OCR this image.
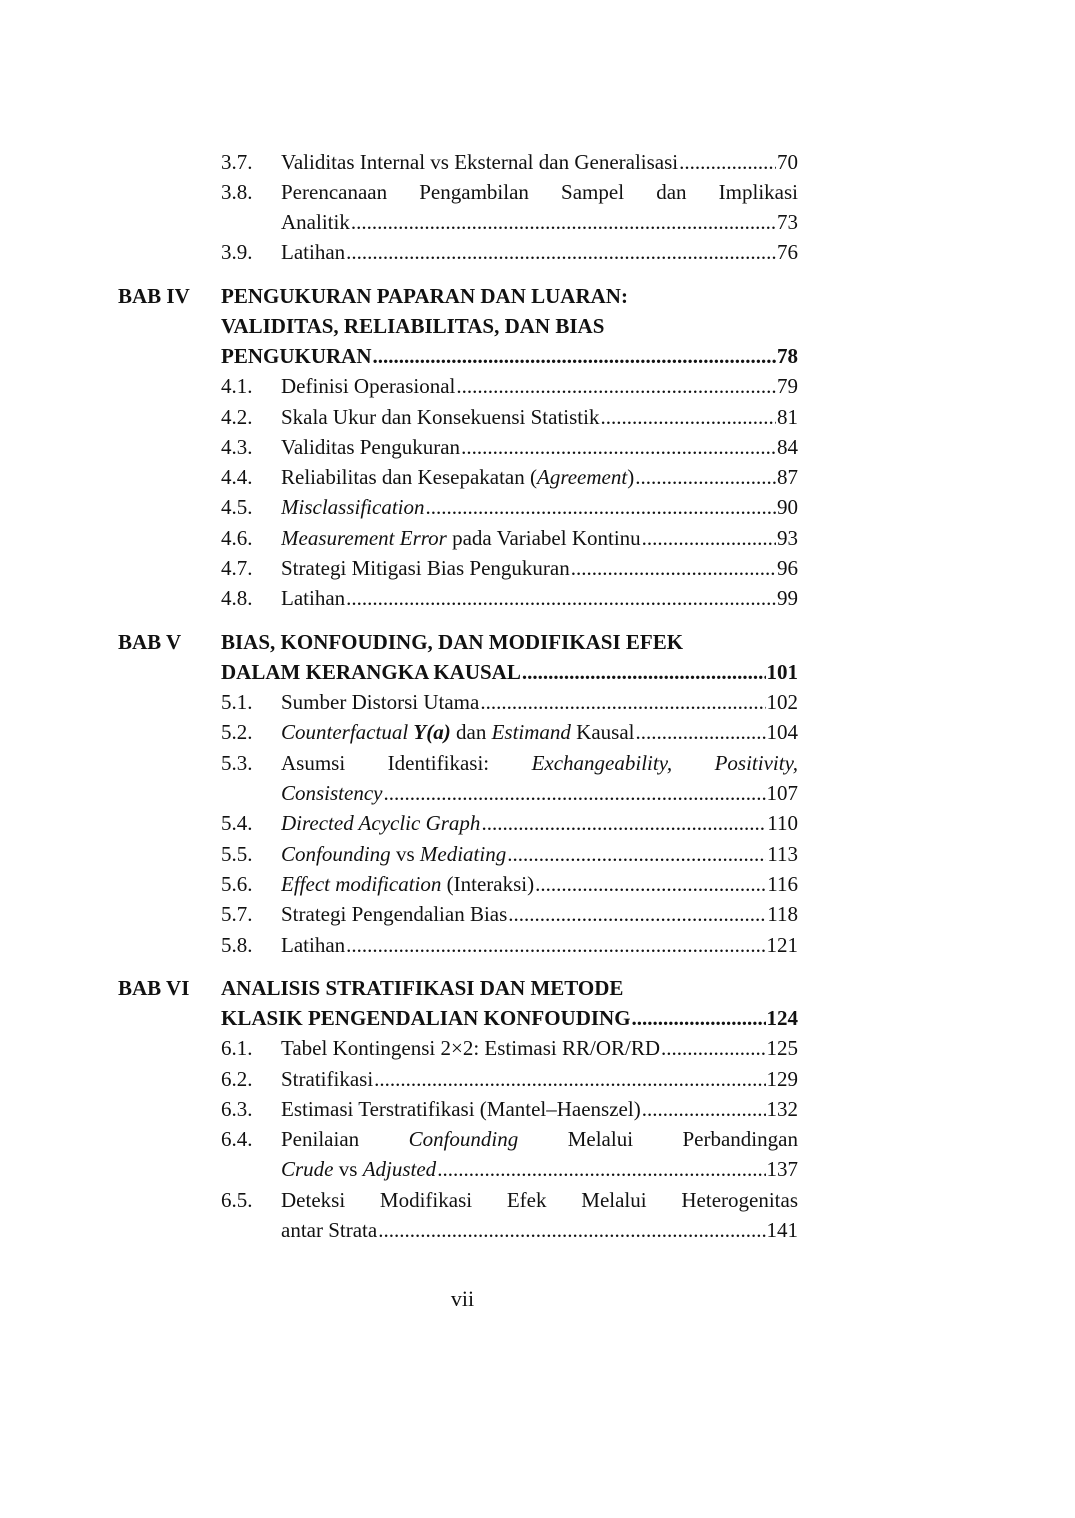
3.7. Validitas Internal vs Eksternal dan Generalisasi .....	70
3.8. Perencanaan Pengambilan Sampel dan Implikasi
Analitik .....	73
3.9. Latihan .....	76
BAB IV PENGUKURAN PAPARAN DAN LUARAN:
VALIDITAS, RELIABILITAS, DAN BIAS
PENGUKURAN .....	78
4.1. Definisi Operasional .....	79
4.2. Skala Ukur dan Konsekuensi Statistik .....	81
4.3. Validitas Pengukuran .....	84
4.4. Reliabilitas dan Kesepakatan (Agreement) .....	87
4.5. Misclassification .....	90
4.6. Measurement Error pada Variabel Kontinu .....	93
4.7. Strategi Mitigasi Bias Pengukuran .....	96
4.8. Latihan .....	99
BAB V BIAS, KONFOUDING, DAN MODIFIKASI EFEK
DALAM KERANGKA KAUSAL .....	101
5.1. Sumber Distorsi Utama .....	102
5.2. Counterfactual Y(a) dan Estimand Kausal .....	104
5.3. Asumsi Identifikasi: Exchangeability, Positivity,
Consistency .....	107
5.4. Directed Acyclic Graph .....	110
5.5. Confounding vs Mediating .....	113
5.6. Effect modification (Interaksi) .....	116
5.7. Strategi Pengendalian Bias .....	118
5.8. Latihan .....	121
BAB VI ANALISIS STRATIFIKASI DAN METODE
KLASIK PENGENDALIAN KONFOUDING .....	124
6.1. Tabel Kontingensi 2×2: Estimasi RR/OR/RD .....	125
6.2. Stratifikasi .....	129
6.3. Estimasi Terstratifikasi (Mantel–Haenszel) .....	132
6.4. Penilaian Confounding Melalui Perbandingan
Crude vs Adjusted .....	137
6.5. Deteksi Modifikasi Efek Melalui Heterogenitas
antar Strata .....	141
vii
